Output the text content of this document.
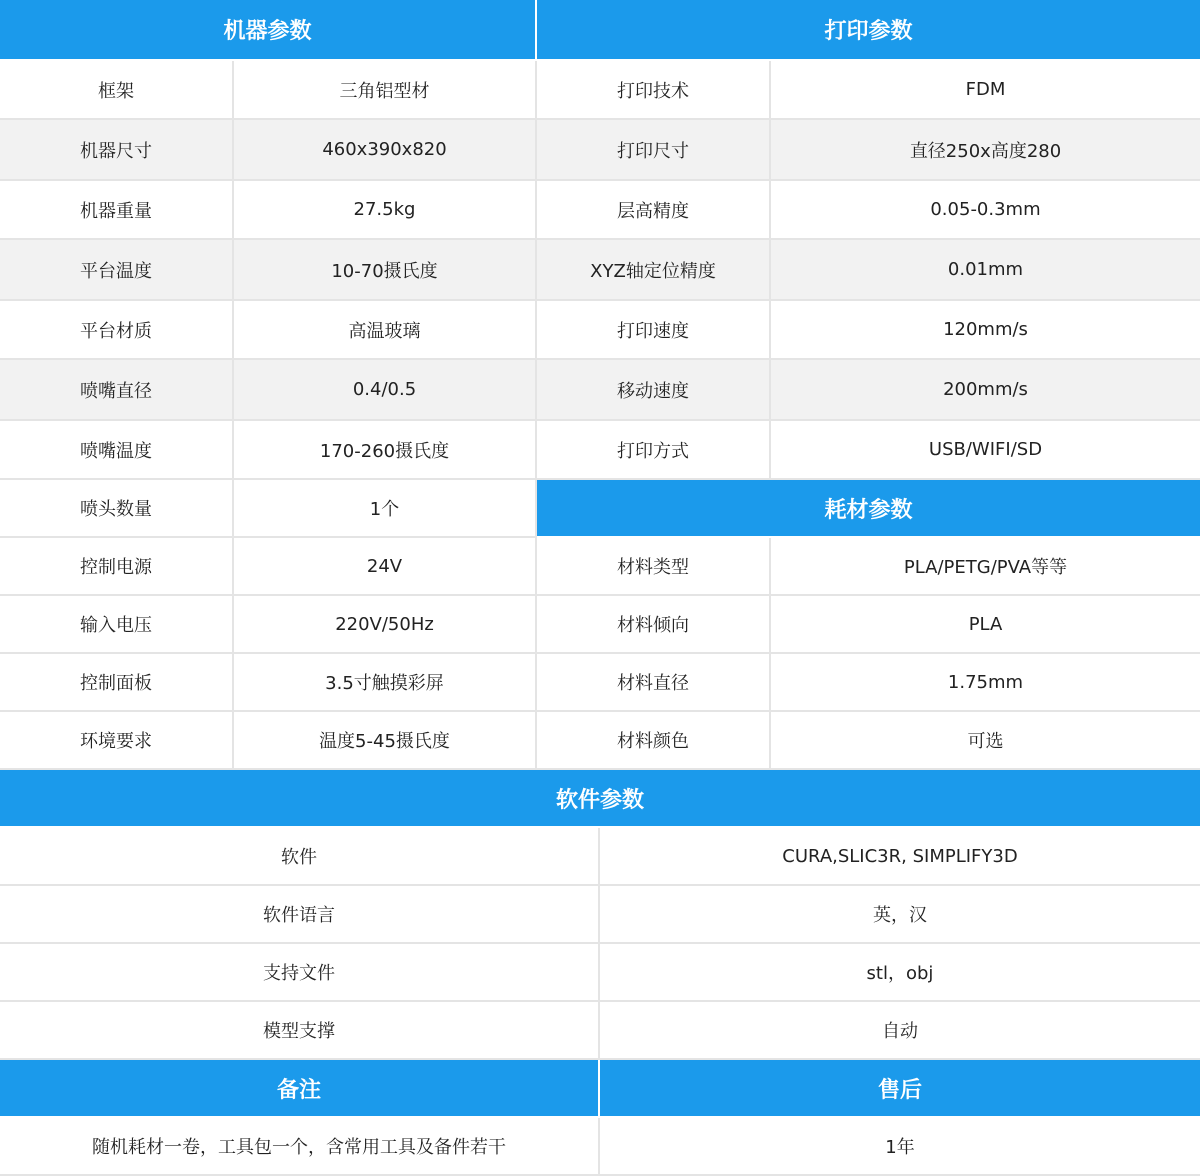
机器参数	打印参数
框架	三角铝型材
机器尺寸	460x390x820
机器重量	27.5kg
平台温度	10-70摄氏度
平台材质	高温玻璃
喷嘴直径	0.4/0.5
喷嘴温度	170-260摄氏度
喷头数量	1个
控制电源	24V
输入电压	220V/50Hz
控制面板	3.5寸触摸彩屏
环境要求	温度5-45摄氏度
打印技术	FDM
打印尺寸	直径250x高度280
层高精度	0.05-0.3mm
XYZ轴定位精度	0.01mm
打印速度	120mm/s
移动速度	200mm/s
打印方式	USB/WIFI/SD
耗材参数
材料类型	PLA/PETG/PVA等等
材料倾向	PLA
材料直径	1.75mm
材料颜色	可选
软件参数
软件	CURA,SLIC3R, SIMPLIFY3D
软件语言	英，汉
支持文件	stl，obj
模型支撑	自动
备注	售后
随机耗材一卷，工具包一个，含常用工具及备件若干	1年
